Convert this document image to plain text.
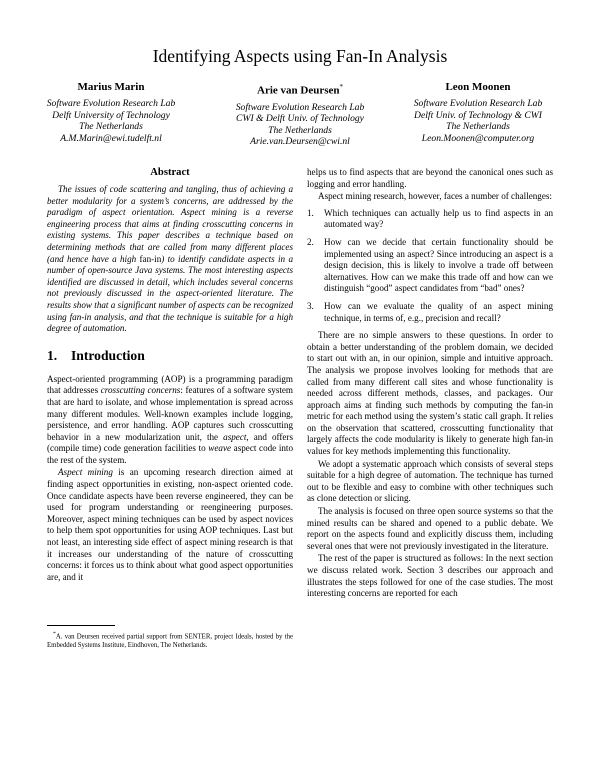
Identifying Aspects using Fan-In Analysis
Marius Marin
Software Evolution Research Lab
Delft University of Technology
The Netherlands
A.M.Marin@ewi.tudelft.nl
Arie van Deursen*
Software Evolution Research Lab
CWI & Delft Univ. of Technology
The Netherlands
Arie.van.Deursen@cwi.nl
Leon Moonen
Software Evolution Research Lab
Delft Univ. of Technology & CWI
The Netherlands
Leon.Moonen@computer.org
Abstract

The issues of code scattering and tangling, thus of achieving a better modularity for a system’s concerns, are addressed by the paradigm of aspect orientation. Aspect mining is a reverse engineering process that aims at finding crosscutting concerns in existing systems. This paper describes a technique based on determining methods that are called from many different places (and hence have a high fan-in) to identify candidate aspects in a number of open-source Java systems. The most interesting aspects identified are discussed in detail, which includes several concerns not previously discussed in the aspect-oriented literature. The results show that a significant number of aspects can be recognized using fan-in analysis, and that the technique is suitable for a high degree of automation.

1. Introduction

Aspect-oriented programming (AOP) is a programming paradigm that addresses crosscutting concerns: features of a software system that are hard to isolate, and whose implementation is spread across many different modules. Well-known examples include logging, persistence, and error handling. AOP captures such crosscutting behavior in a new modularization unit, the aspect, and offers (compile time) code generation facilities to weave aspect code into the rest of the system.

Aspect mining is an upcoming research direction aimed at finding aspect opportunities in existing, non-aspect oriented code. Once candidate aspects have been reverse engineered, they can be used for program understanding or reengineering purposes. Moreover, aspect mining techniques can be used by aspect novices to help them spot opportunities for using AOP techniques. Last but not least, an interesting side effect of aspect mining research is that it increases our understanding of the nature of crosscutting concerns: it forces us to think about what good aspect opportunities are, and it

*A. van Deursen received partial support from SENTER, project Ideals, hosted by the Embedded Systems Institute, Eindhoven, The Netherlands.

helps us to find aspects that are beyond the canonical ones such as logging and error handling.

Aspect mining research, however, faces a number of challenges:

1. Which techniques can actually help us to find aspects in an automated way?
2. How can we decide that certain functionality should be implemented using an aspect? Since introducing an aspect is a design decision, this is likely to involve a trade off between alternatives. How can we make this trade off and how can we distinguish “good” aspect candidates from “bad” ones?
3. How can we evaluate the quality of an aspect mining technique, in terms of, e.g., precision and recall?

There are no simple answers to these questions. In order to obtain a better understanding of the problem domain, we decided to start out with an, in our opinion, simple and intuitive approach. The analysis we propose involves looking for methods that are called from many different call sites and whose functionality is needed across different methods, classes, and packages. Our approach aims at finding such methods by computing the fan-in metric for each method using the system’s static call graph. It relies on the observation that scattered, crosscutting functionality that largely affects the code modularity is likely to generate high fan-in values for key methods implementing this functionality.

We adopt a systematic approach which consists of several steps suitable for a high degree of automation. The technique has turned out to be flexible and easy to combine with other techniques such as clone detection or slicing.

The analysis is focused on three open source systems so that the mined results can be shared and opened to a public debate. We report on the aspects found and explicitly discuss them, including several ones that were not previously investigated in the literature.

The rest of the paper is structured as follows: In the next section we discuss related work. Section 3 describes our approach and illustrates the steps followed for one of the case studies. The most interesting concerns are reported for each
